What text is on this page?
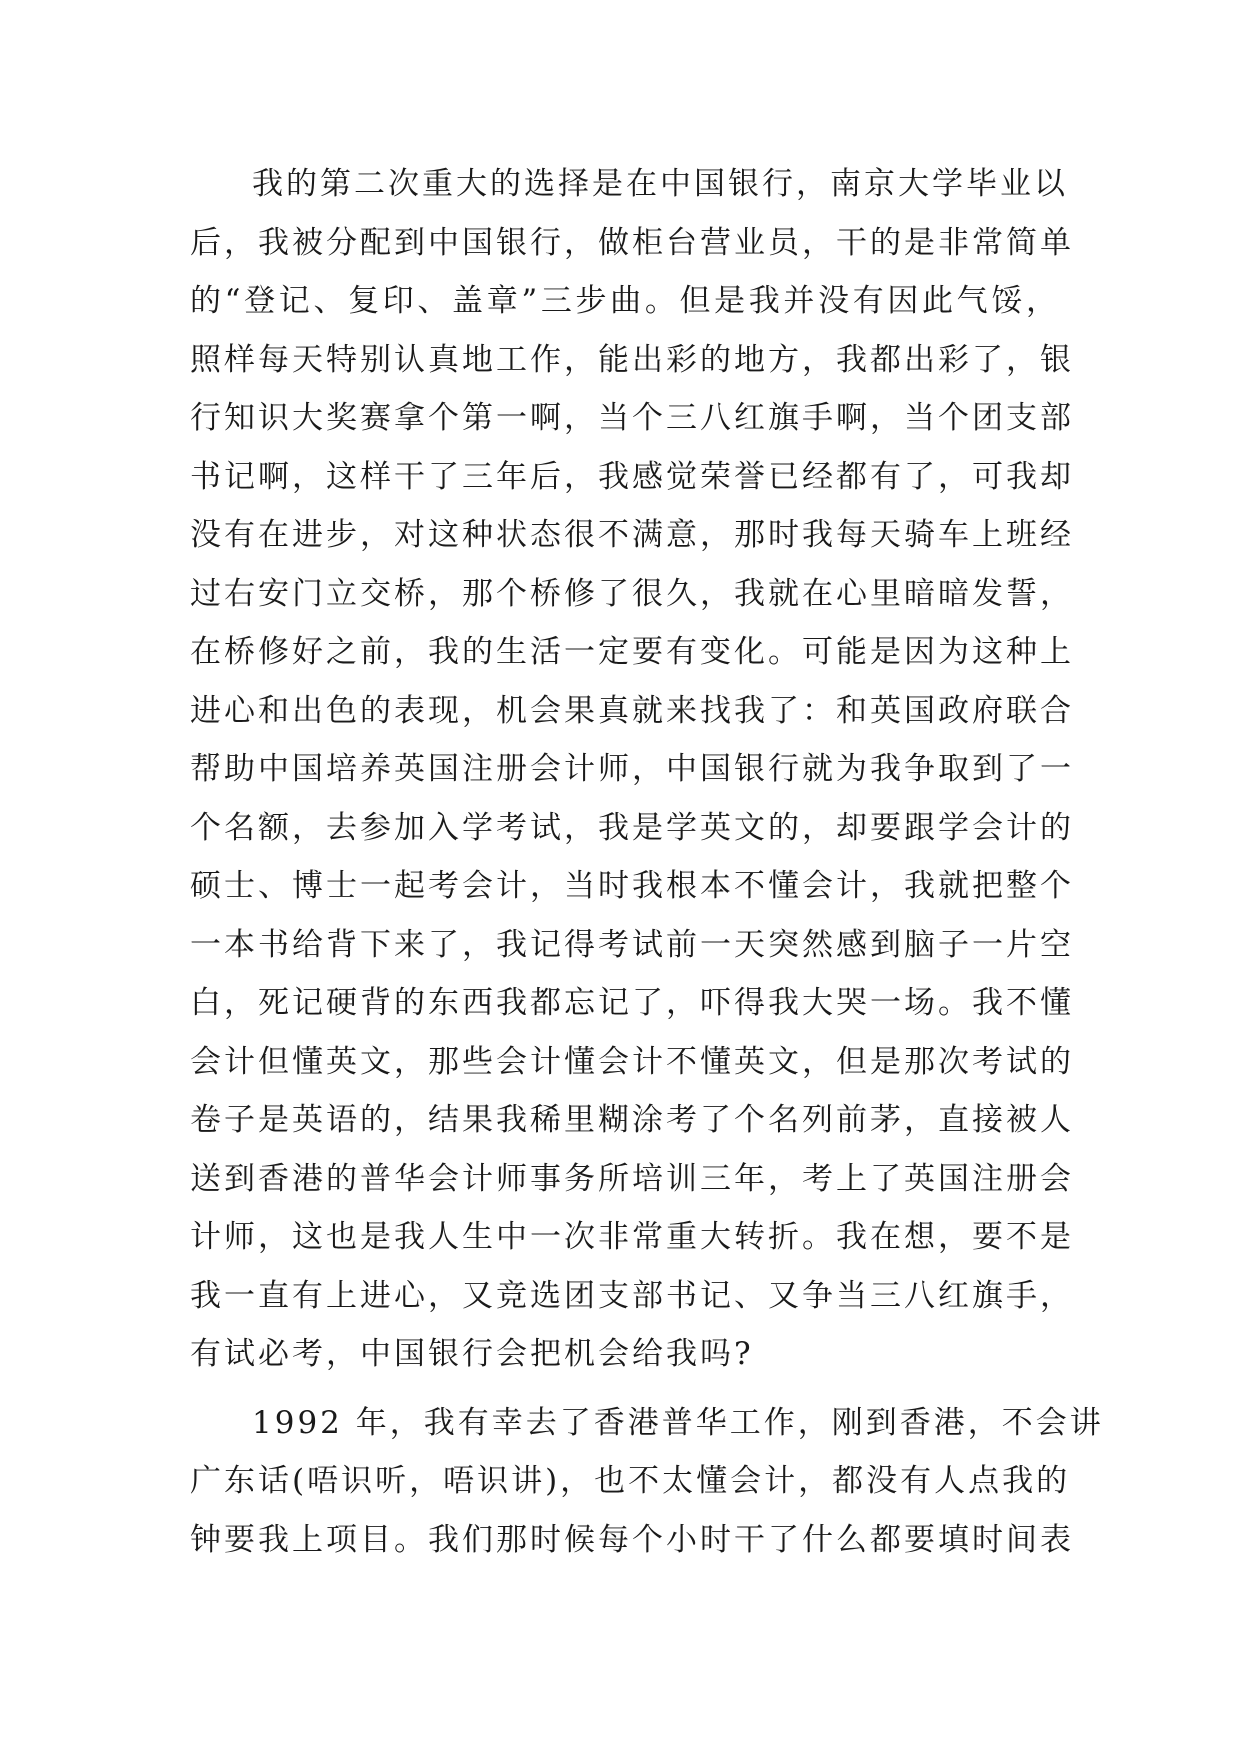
我的第二次重大的选择是在中国银行，南京大学毕业以
后，我被分配到中国银行，做柜台营业员，干的是非常简单
的“登记、复印、盖章”三步曲。但是我并没有因此气馁，
照样每天特别认真地工作，能出彩的地方，我都出彩了，银
行知识大奖赛拿个第一啊，当个三八红旗手啊，当个团支部
书记啊，这样干了三年后，我感觉荣誉已经都有了，可我却
没有在进步，对这种状态很不满意，那时我每天骑车上班经
过右安门立交桥，那个桥修了很久，我就在心里暗暗发誓，
在桥修好之前，我的生活一定要有变化。可能是因为这种上
进心和出色的表现，机会果真就来找我了：和英国政府联合
帮助中国培养英国注册会计师，中国银行就为我争取到了一
个名额，去参加入学考试，我是学英文的，却要跟学会计的
硕士、博士一起考会计，当时我根本不懂会计，我就把整个
一本书给背下来了，我记得考试前一天突然感到脑子一片空
白，死记硬背的东西我都忘记了，吓得我大哭一场。我不懂
会计但懂英文，那些会计懂会计不懂英文，但是那次考试的
卷子是英语的，结果我稀里糊涂考了个名列前茅，直接被人
送到香港的普华会计师事务所培训三年，考上了英国注册会
计师，这也是我人生中一次非常重大转折。我在想，要不是
我一直有上进心，又竞选团支部书记、又争当三八红旗手，
有试必考，中国银行会把机会给我吗?
1992 年，我有幸去了香港普华工作，刚到香港，不会讲
广东话(唔识听，唔识讲)，也不太懂会计，都没有人点我的
钟要我上项目。我们那时候每个小时干了什么都要填时间表
